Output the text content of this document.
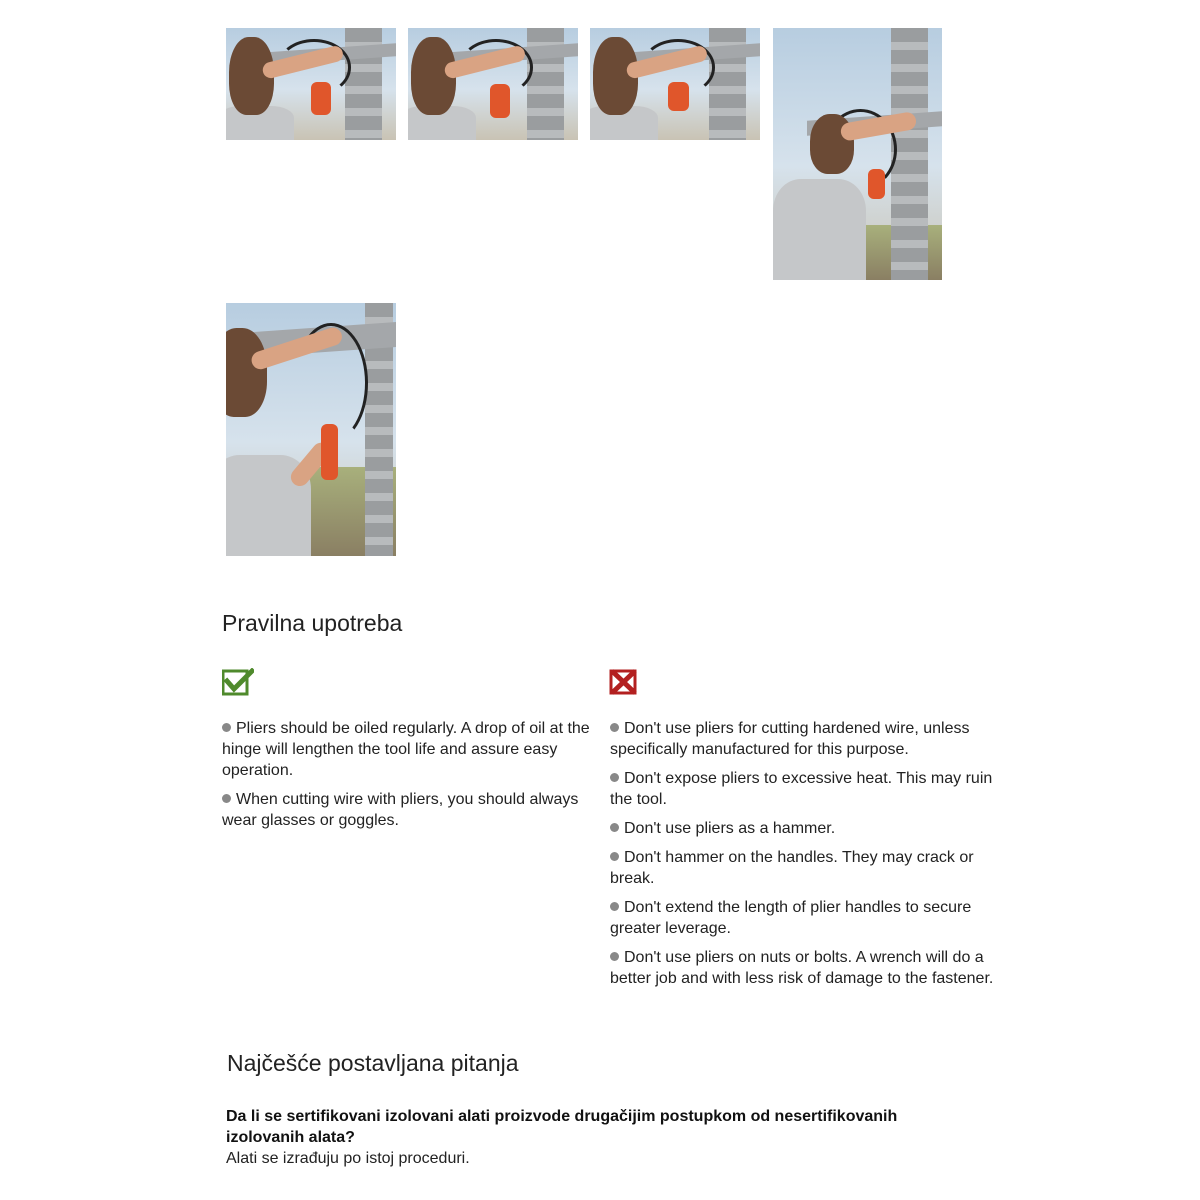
Pravilna upotreba
Pliers should be oiled regularly. A drop of oil at the hinge will lengthen the tool life and assure easy operation.
When cutting wire with pliers, you should always wear glasses or goggles.
Don't use pliers for cutting hardened wire, unless specifically manufactured for this purpose.
Don't expose pliers to excessive heat. This may ruin the tool.
Don't use pliers as a hammer.
Don't hammer on the handles. They may crack or break.
Don't extend the length of plier handles to secure greater leverage.
Don't use pliers on nuts or bolts. A wrench will do a better job and with less risk of damage to the fastener.
Najčešće postavljana pitanja
Da li se sertifikovani izolovani alati proizvode drugačijim postupkom od nesertifikovanih izolovanih alata?
Alati se izrađuju po istoj proceduri.
